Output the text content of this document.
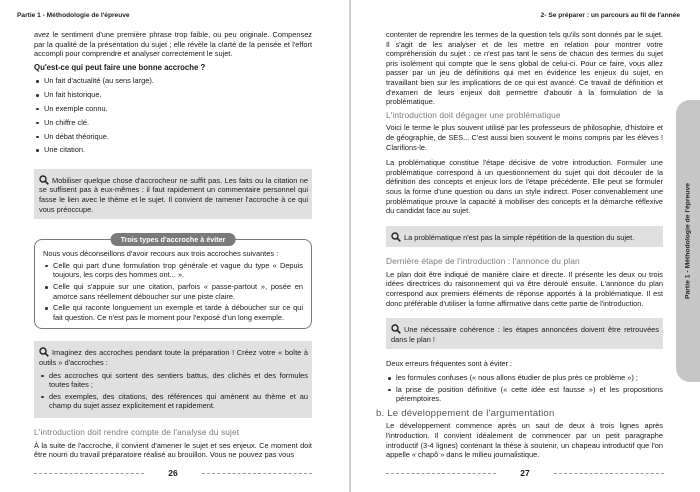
Partie 1 - Méthodologie de l'épreuve

avez le sentiment d'une première phrase trop faible, ou peu originale. Compensez par la qualité de la présentation du sujet ; elle révèle la clarté de la pensée et l'effort accompli pour comprendre et analyser correctement le sujet.

Qu'est-ce qui peut faire une bonne accroche ?
Un fait d'actualité (au sens large).
Un fait historique.
Un exemple connu.
Un chiffre clé.
Un débat théorique.
Une citation.
Mobiliser quelque chose d'accrocheur ne suffit pas. Les faits ou la citation ne se suffisent pas à eux-mêmes : il faut rapidement un commentaire personnel qui fasse le lien avec le thème et le sujet. Il convient de ramener l'accroche à ce qui vous préoccupe.
Trois types d'accroche à éviter

Nous vous déconseillons d'avoir recours aux trois accroches suivantes :

Celle qui part d'une formulation trop générale et vague du type « Depuis toujours, les corps des hommes ont... ».
Celle qui s'appuie sur une citation, parfois « passe-partout », posée en amorce sans réellement déboucher sur une piste claire.
Celle qui raconte longuement un exemple et tarde à déboucher sur ce qui fait question. Ce n'est pas le moment pour l'exposé d'un long exemple.
Imaginez des accroches pendant toute la préparation ! Créez votre « boîte à outils » d'accroches :
des accroches qui sortent des sentiers battus, des clichés et des formules toutes faites ;
des exemples, des citations, des références qui amènent au thème et au champ du sujet assez explicitement et rapidement.
L'introduction doit rendre compte de l'analyse du sujet

À la suite de l'accroche, il convient d'amener le sujet et ses enjeux. Ce moment doit être nourri du travail préparatoire réalisé au brouillon. Vous ne pouvez pas vous

26
2- Se préparer : un parcours au fil de l'année

contenter de reprendre les termes de la question tels qu'ils sont donnés par le sujet. Il s'agit de les analyser et de les mettre en relation pour montrer votre compréhension du sujet : ce n'est pas tant le sens de chacun des termes du sujet pris isolément qui compte que le sens global de celui-ci. Pour ce faire, vous allez passer par un jeu de définitions qui met en évidence les enjeux du sujet, en travaillant bien sur les implications de ce qui est avancé. Ce travail de définition et d'examen de leurs enjeux doit permettre d'aboutir à la formulation de la problématique.

L'introduction doit dégager une problématique

Voici le terme le plus souvent utilisé par les professeurs de philosophie, d'histoire et de géographie, de SES... C'est aussi bien souvent le moins compris par les élèves ! Clarifions-le.

La problématique constitue l'étape décisive de votre introduction. Formuler une problématique correspond à un questionnement du sujet qui doit découler de la définition des concepts et enjeux lors de l'étape précédente. Elle peut se formuler sous la forme d'une question ou dans un style indirect. Poser convenablement une problématique prouve la capacité à mobiliser des concepts et la démarche réflexive du candidat face au sujet.

La problématique n'est pas la simple répétition de la question du sujet.
Dernière étape de l'introduction : l'annonce du plan

Le plan doit être indiqué de manière claire et directe. Il présente les deux ou trois idées directrices du raisonnement qui va être déroulé ensuite. L'annonce du plan correspond aux premiers éléments de réponse apportés à la problématique. Il est donc préférable d'utiliser la forme affirmative dans cette partie de l'introduction.

Une nécessaire cohérence : les étapes annoncées doivent être retrouvées dans le plan !

Deux erreurs fréquentes sont à éviter :

les formules confuses (« nous allons étudier de plus près ce problème ») ;
la prise de position définitive (« cette idée est fausse ») et les propositions péremptoires.
b. Le développement de l'argumentation

Le développement commence après un saut de deux à trois lignes après l'introduction. Il convient idéalement de commencer par un petit paragraphe introductif (3-4 lignes) contenant la thèse à soutenir, un chapeau introductif que l'on appelle « chapô » dans le milieu journalistique.

27
Partie 1 - Méthodologie de l'épreuve
